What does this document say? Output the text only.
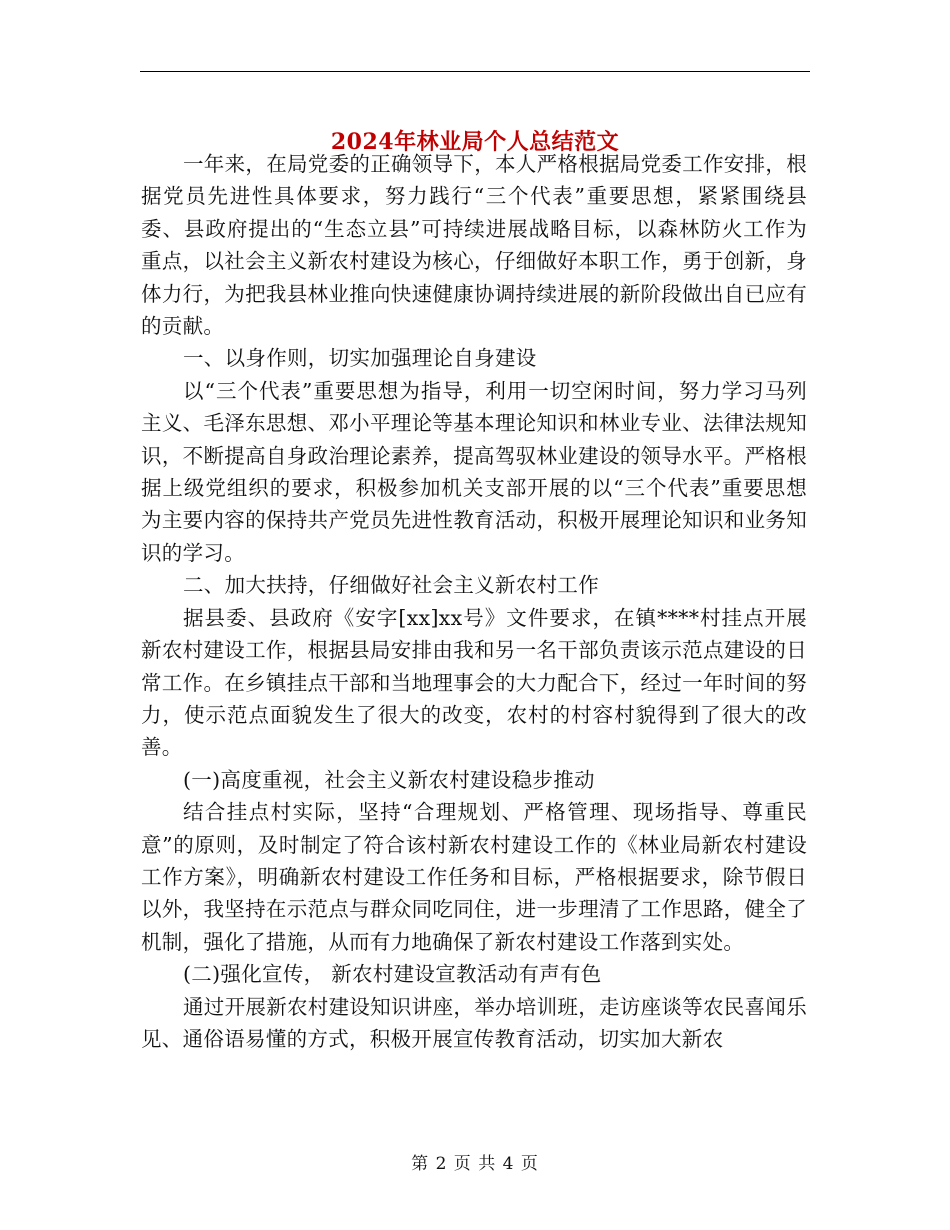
2024年林业局个人总结范文

一年来，在局党委的正确领导下，本人严格根据局党委工作安排，根据党员先进性具体要求，努力践行“三个代表”重要思想，紧紧围绕县委、县政府提出的“生态立县”可持续进展战略目标，以森林防火工作为重点，以社会主义新农村建设为核心，仔细做好本职工作，勇于创新，身体力行，为把我县林业推向快速健康协调持续进展的新阶段做出自已应有的贡献。

一、以身作则，切实加强理论自身建设

以“三个代表”重要思想为指导，利用一切空闲时间，努力学习马列主义、毛泽东思想、邓小平理论等基本理论知识和林业专业、法律法规知识，不断提高自身政治理论素养，提高驾驭林业建设的领导水平。严格根据上级党组织的要求，积极参加机关支部开展的以“三个代表”重要思想为主要内容的保持共产党员先进性教育活动，积极开展理论知识和业务知识的学习。

二、加大扶持，仔细做好社会主义新农村工作

据县委、县政府《安字[xx]xx号》文件要求，在镇****村挂点开展新农村建设工作，根据县局安排由我和另一名干部负责该示范点建设的日常工作。在乡镇挂点干部和当地理事会的大力配合下，经过一年时间的努力，使示范点面貌发生了很大的改变，农村的村容村貌得到了很大的改善。

(一)高度重视，社会主义新农村建设稳步推动

结合挂点村实际，坚持“合理规划、严格管理、现场指导、尊重民意”的原则，及时制定了符合该村新农村建设工作的《林业局新农村建设工作方案》，明确新农村建设工作任务和目标，严格根据要求，除节假日以外，我坚持在示范点与群众同吃同住，进一步理清了工作思路，健全了机制，强化了措施，从而有力地确保了新农村建设工作落到实处。

(二)强化宣传， 新农村建设宣教活动有声有色

通过开展新农村建设知识讲座，举办培训班，走访座谈等农民喜闻乐见、通俗语易懂的方式，积极开展宣传教育活动，切实加大新农

第 2 页 共 4 页
